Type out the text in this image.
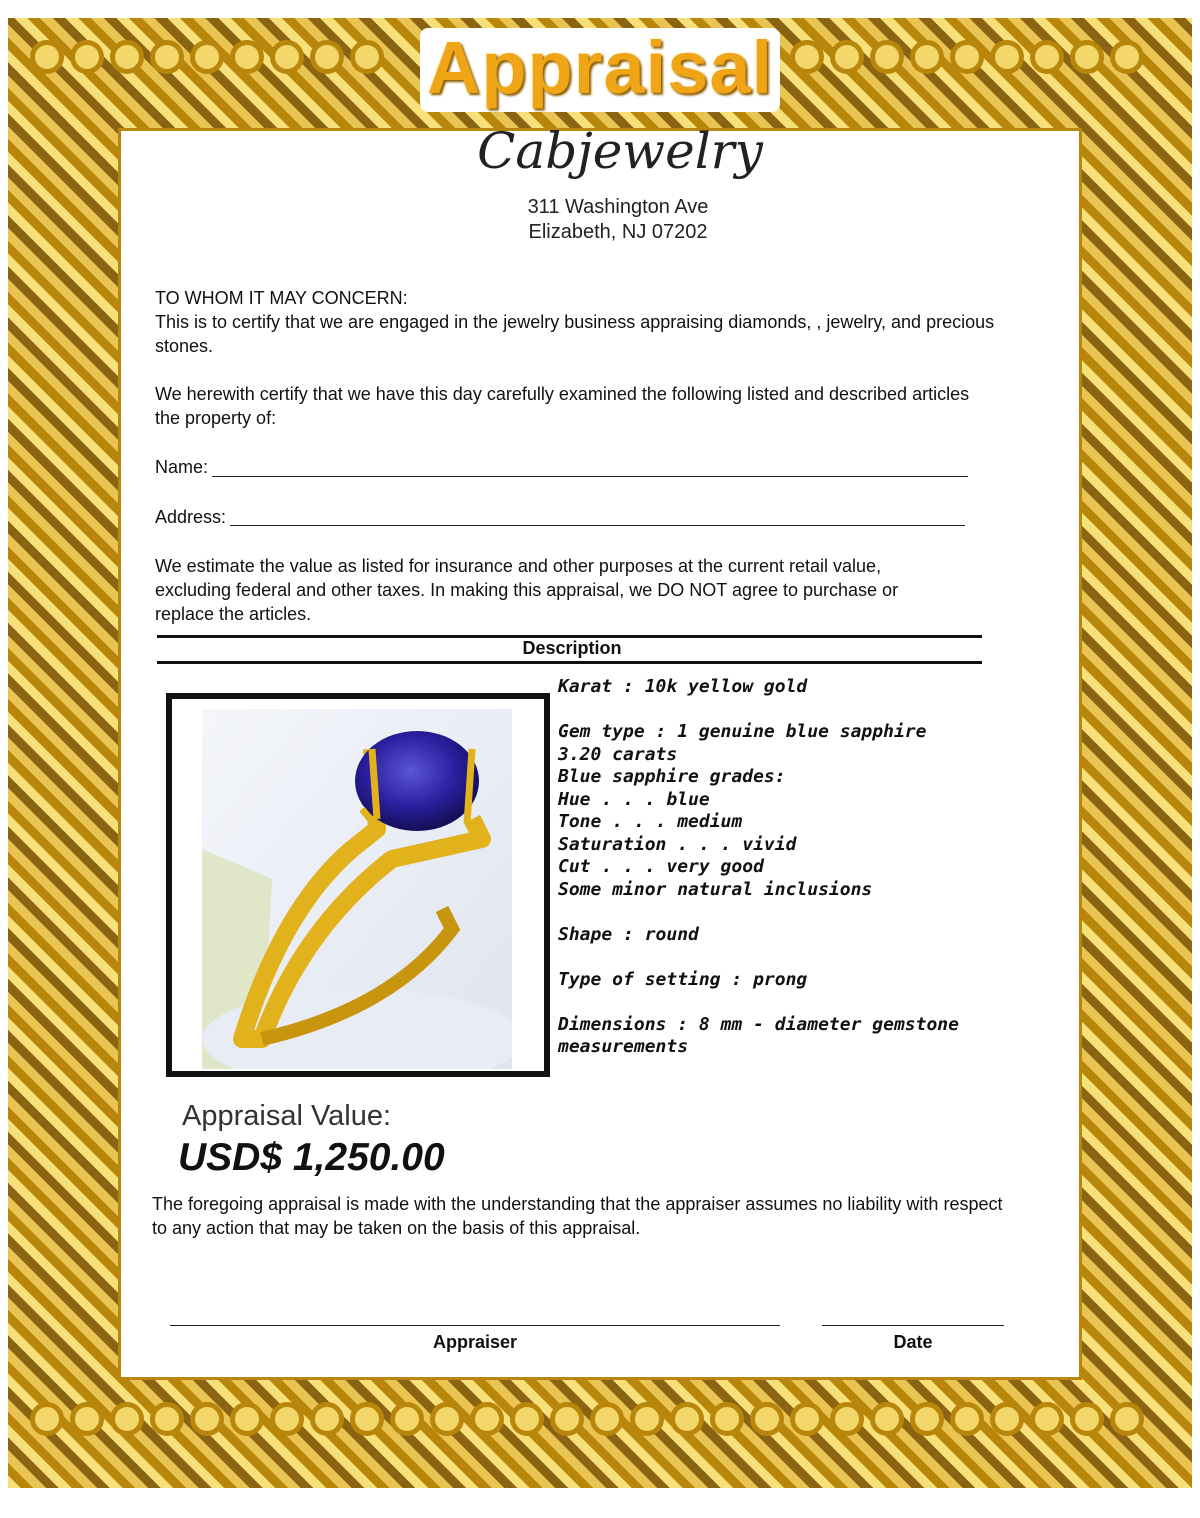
Appraisal
Cabjewelry
311 Washington Ave
Elizabeth, NJ 07202
TO WHOM IT MAY CONCERN:
This is to certify that we are engaged in the jewelry business appraising diamonds, , jewelry, and precious stones.
We herewith certify that we have this day carefully examined the following listed and described articles the property of:
Name:
Address:
We estimate the value as listed for insurance and other purposes at the current retail value, excluding federal and other taxes. In making this appraisal, we DO NOT agree to purchase or replace the articles.
Description
Karat : 10k yellow gold
Gem type : 1 genuine blue sapphire
3.20 carats
Blue sapphire grades:
Hue . . . blue
Tone . . . medium
Saturation . . . vivid
Cut . . . very good
Some minor natural inclusions
Shape : round
Type of setting : prong
Dimensions : 8 mm - diameter gemstone
measurements
Appraisal Value:
USD$ 1,250.00
The foregoing appraisal is made with the understanding that the appraiser assumes no liability with respect to any action that may be taken on the basis of this appraisal.
Appraiser	Date
